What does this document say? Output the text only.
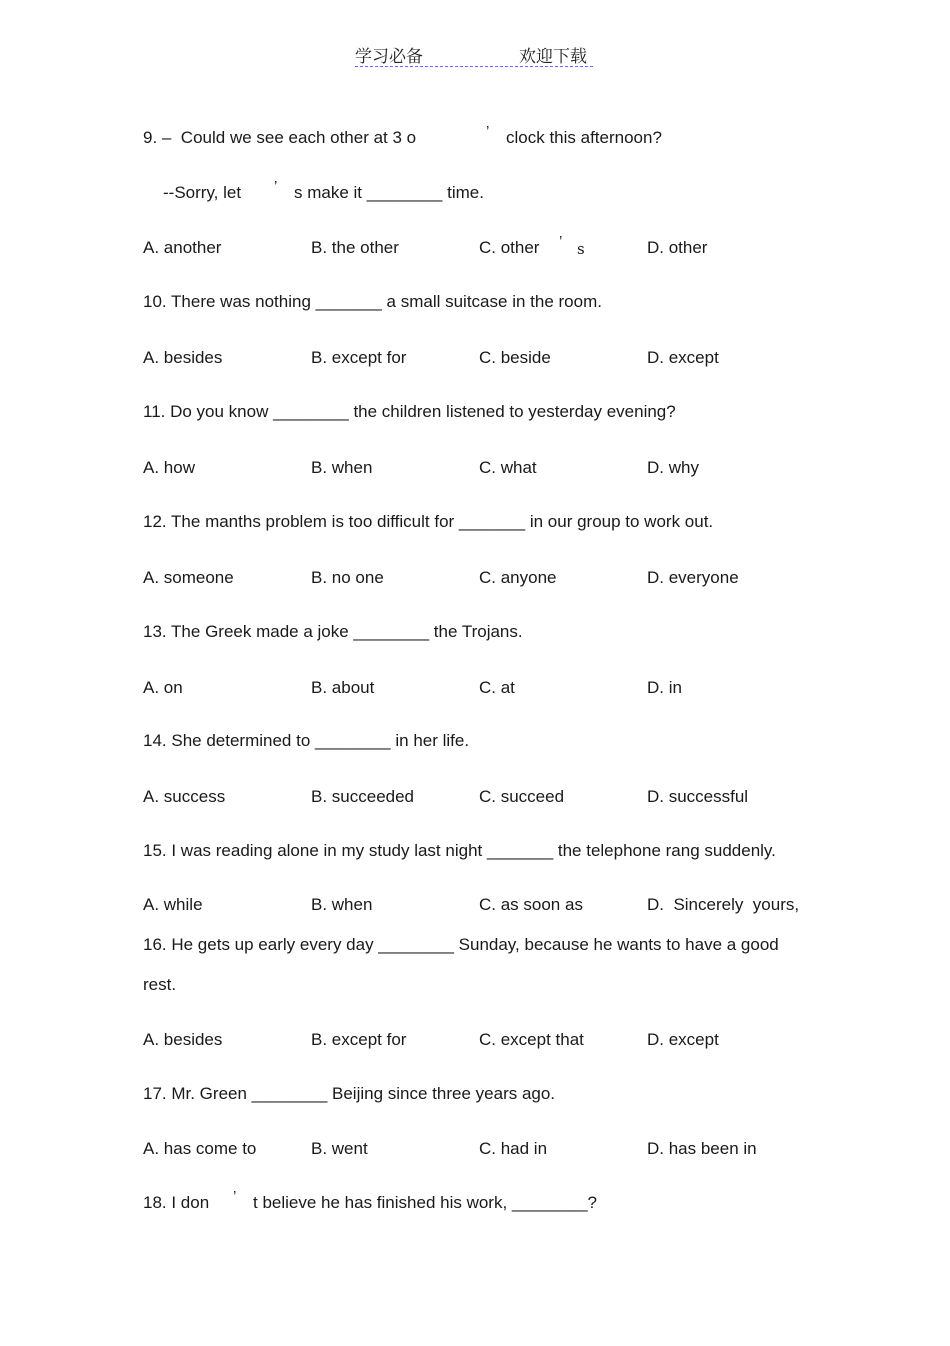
学习必备	欢迎下载
9. –  Could we see each other at 3 o	’ clock this afternoon?
--Sorry, let ’ s make it ________ time.
A. another	B. the other	C. other ’ s	D. other
10. There was nothing _______ a small suitcase in the room.
A. besides	B. except for	C. beside	D. except
11. Do you know ________ the children listened to yesterday evening?
A. how	B. when	C. what	D. why
12. The manths problem is too difficult for _______ in our group to work out.
A. someone	B. no one	C. anyone	D. everyone
13. The Greek made a joke ________ the Trojans.
A. on	B. about	C. at	D. in
14. She determined to ________ in her life.
A. success	B. succeeded	C. succeed	D. successful
15. I was reading alone in my study last night _______ the telephone rang suddenly.
A. while	B. when	C. as soon as	D.  Sincerely  yours,
16. He gets up early every day ________ Sunday, because he wants to have a good
rest.
A. besides	B. except for	C. except that	D. except
17. Mr. Green ________ Beijing since three years ago.
A. has come to	B. went	C. had in	D. has been in
18. I don ’ t believe he has finished his work, ________?
